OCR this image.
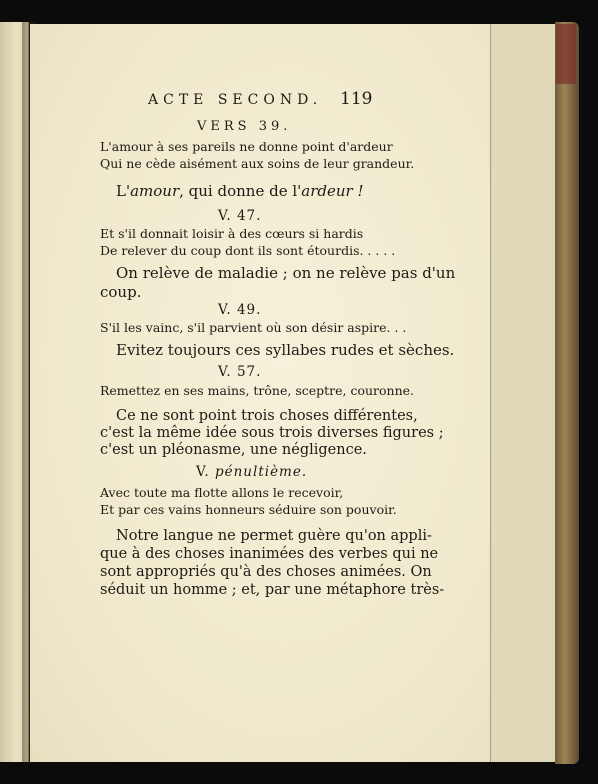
ACTE SECOND. 119
VERS 39.
L'amour à ses pareils ne donne point d'ardeur
Qui ne cède aisément aux soins de leur grandeur.
L'amour, qui donne de l'ardeur !
V. 47.
Et s'il donnait loisir à des cœurs si hardis
De relever du coup dont ils sont étourdis. . . . .
On relève de maladie ; on ne relève pas d'un
coup.
V. 49.
S'il les vainc, s'il parvient où son désir aspire. . .
Evitez toujours ces syllabes rudes et sèches.
V. 57.
Remettez en ses mains, trône, sceptre, couronne.
Ce ne sont point trois choses différentes,
c'est la même idée sous trois diverses figures ;
c'est un pléonasme, une négligence.
V. pénultième.
Avec toute ma flotte allons le recevoir,
Et par ces vains honneurs séduire son pouvoir.
Notre langue ne permet guère qu'on appli-
que à des choses inanimées des verbes qui ne
sont appropriés qu'à des choses animées. On
séduit un homme ; et, par une métaphore très-
